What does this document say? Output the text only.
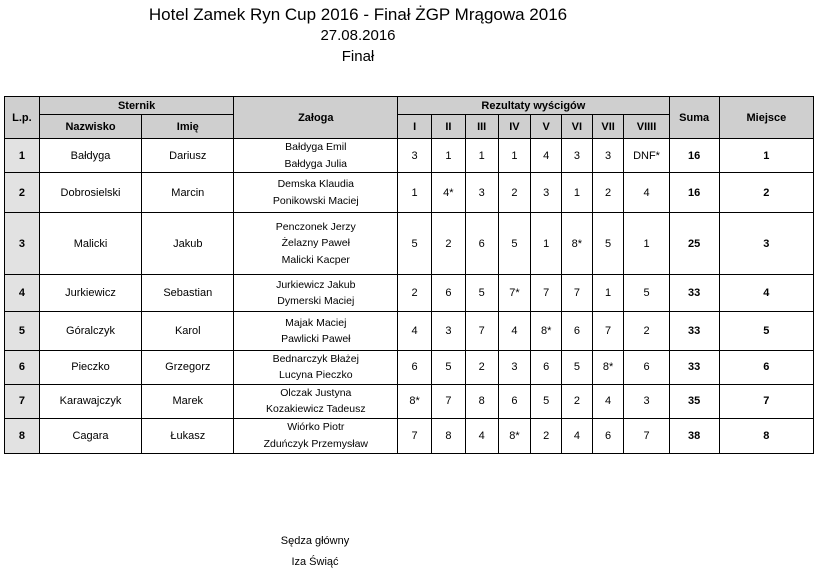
Hotel Zamek Ryn Cup 2016 - Finał ŻGP Mrągowa 2016
27.08.2016
Finał
L.p.	Sternik		Załoga	Rezultaty wyścigów								Suma	Miejsce
	Nazwisko	Imię		I	II	III	IV	V	VI	VII	VIIII		
1	Bałdyga	Dariusz	Bałdyga Emil
Bałdyga Julia	3	1	1	1	4	3	3	DNF*	16	1
2	Dobrosielski	Marcin	Demska Klaudia
Ponikowski Maciej	1	4*	3	2	3	1	2	4	16	2
3	Malicki	Jakub	Penczonek Jerzy
Żelazny Paweł
Malicki Kacper	5	2	6	5	1	8*	5	1	25	3
4	Jurkiewicz	Sebastian	Jurkiewicz Jakub
Dymerski Maciej	2	6	5	7*	7	7	1	5	33	4
5	Góralczyk	Karol	Majak Maciej
Pawlicki Paweł	4	3	7	4	8*	6	7	2	33	5
6	Pieczko	Grzegorz	Bednarczyk Błażej
Lucyna Pieczko	6	5	2	3	6	5	8*	6	33	6
7	Karawajczyk	Marek	Olczak Justyna
Kozakiewicz Tadeusz	8*	7	8	6	5	2	4	3	35	7
8	Cagara	Łukasz	Wiórko Piotr
Zduńczyk Przemysław	7	8	4	8*	2	4	6	7	38	8
Sędza główny
Iza Świąć
